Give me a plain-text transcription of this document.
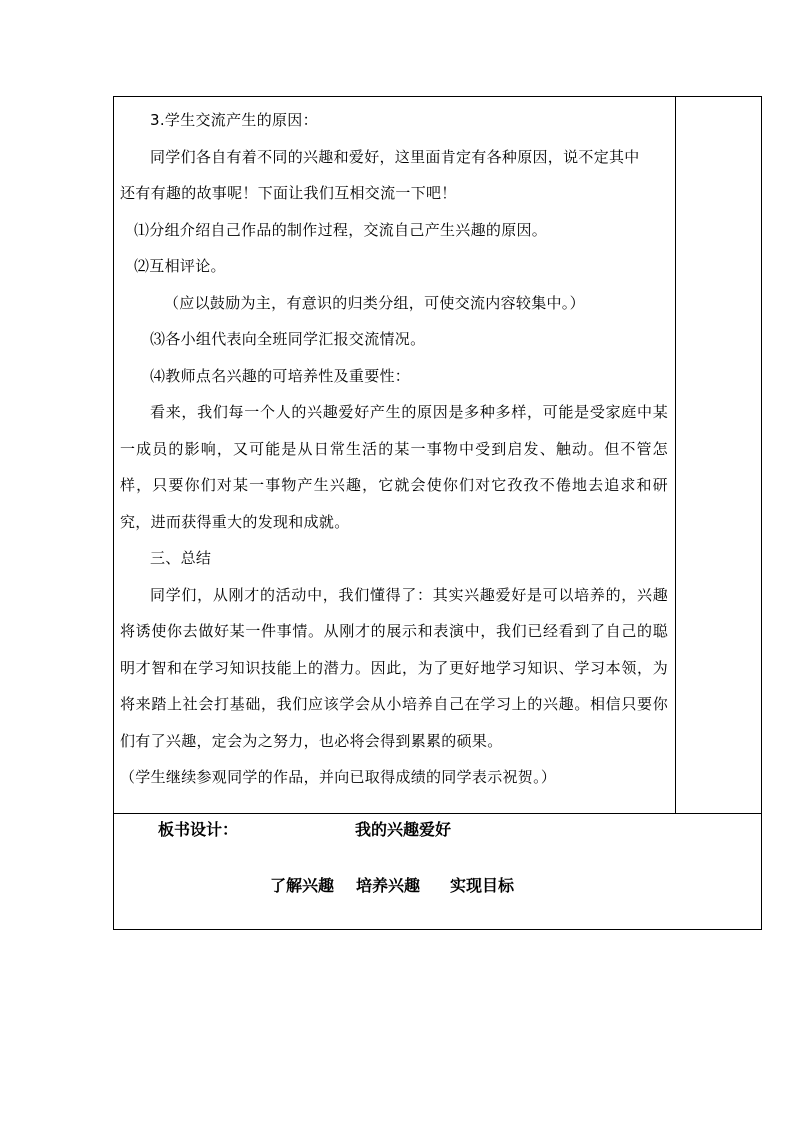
3.学生交流产生的原因：

同学们各自有着不同的兴趣和爱好，这里面肯定有各种原因，说不定其中

还有有趣的故事呢！下面让我们互相交流一下吧！

⑴分组介绍自己作品的制作过程，交流自己产生兴趣的原因。

⑵互相评论。

（应以鼓励为主，有意识的归类分组，可使交流内容较集中。）

⑶各小组代表向全班同学汇报交流情况。

⑷教师点名兴趣的可培养性及重要性：

看来，我们每一个人的兴趣爱好产生的原因是多种多样，可能是受家庭中某一成员的影响，又可能是从日常生活的某一事物中受到启发、触动。但不管怎样，只要你们对某一事物产生兴趣，它就会使你们对它孜孜不倦地去追求和研究，进而获得重大的发现和成就。

三、总结

同学们，从刚才的活动中，我们懂得了：其实兴趣爱好是可以培养的，兴趣将诱使你去做好某一件事情。从刚才的展示和表演中，我们已经看到了自己的聪明才智和在学习知识技能上的潜力。因此，为了更好地学习知识、学习本领，为将来踏上社会打基础，我们应该学会从小培养自己在学习上的兴趣。相信只要你们有了兴趣，定会为之努力，也必将会得到累累的硕果。

（学生继续参观同学的作品，并向已取得成绩的同学表示祝贺。）

板书设计：	我的兴趣爱好
了解兴趣 培养兴趣 实现目标
